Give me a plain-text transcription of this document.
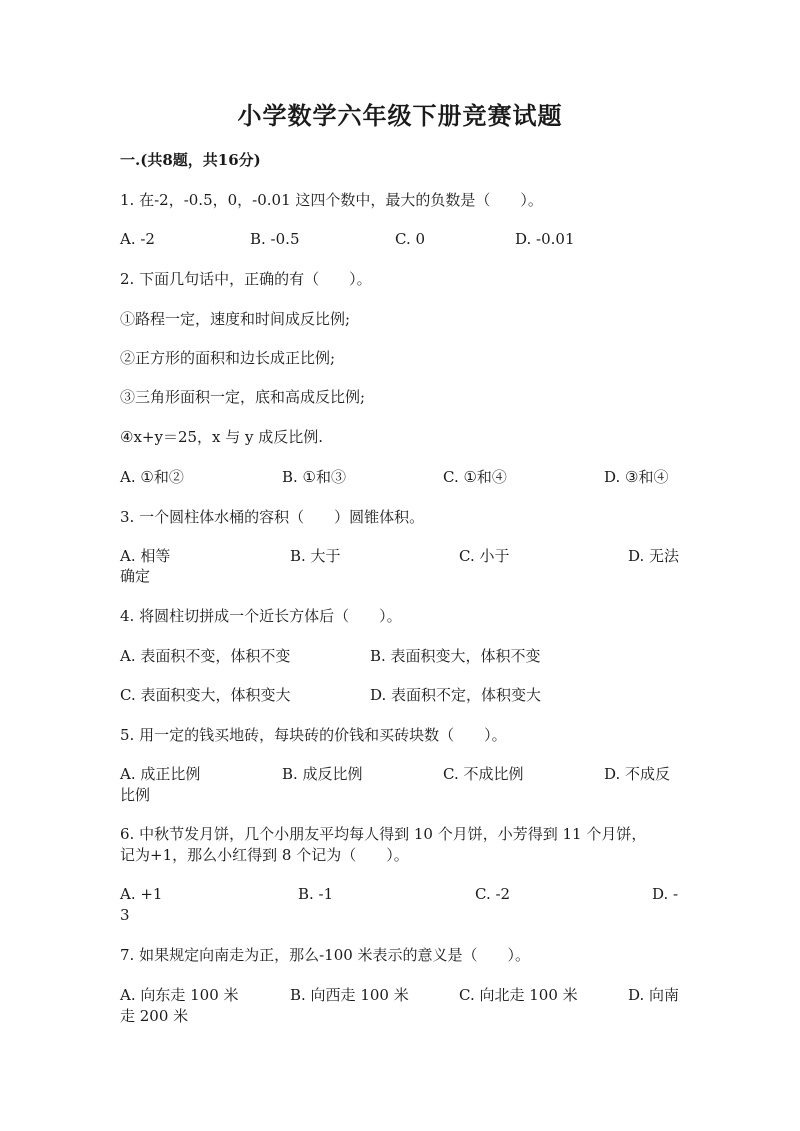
小学数学六年级下册竞赛试题
一.(共8题，共16分)
1. 在-2，-0.5，0，-0.01 这四个数中，最大的负数是（　　）。
A. -2	B. -0.5	C. 0	D. -0.01
2. 下面几句话中，正确的有（　　）。
①路程一定，速度和时间成反比例;
②正方形的面积和边长成正比例;
③三角形面积一定，底和高成反比例;
④x+y＝25，x 与 y 成反比例.
A. ①和②	B. ①和③	C. ①和④	D. ③和④
3. 一个圆柱体水桶的容积（　　）圆锥体积。
A. 相等	B. 大于	C. 小于	D. 无法
确定
4. 将圆柱切拼成一个近长方体后（　　）。
A. 表面积不变，体积不变	B. 表面积变大，体积不变
C. 表面积变大，体积变大	D. 表面积不定，体积变大
5. 用一定的钱买地砖，每块砖的价钱和买砖块数（　　）。
A. 成正比例	B. 成反比例	C. 不成比例	D. 不成反
比例
6. 中秋节发月饼，几个小朋友平均每人得到 10 个月饼，小芳得到 11 个月饼，
记为+1，那么小红得到 8 个记为（　　）。
A. +1	B. -1	C. -2	D. -
3
7. 如果规定向南走为正，那么-100 米表示的意义是（　　）。
A. 向东走 100 米	B. 向西走 100 米	C. 向北走 100 米	D. 向南
走 200 米
